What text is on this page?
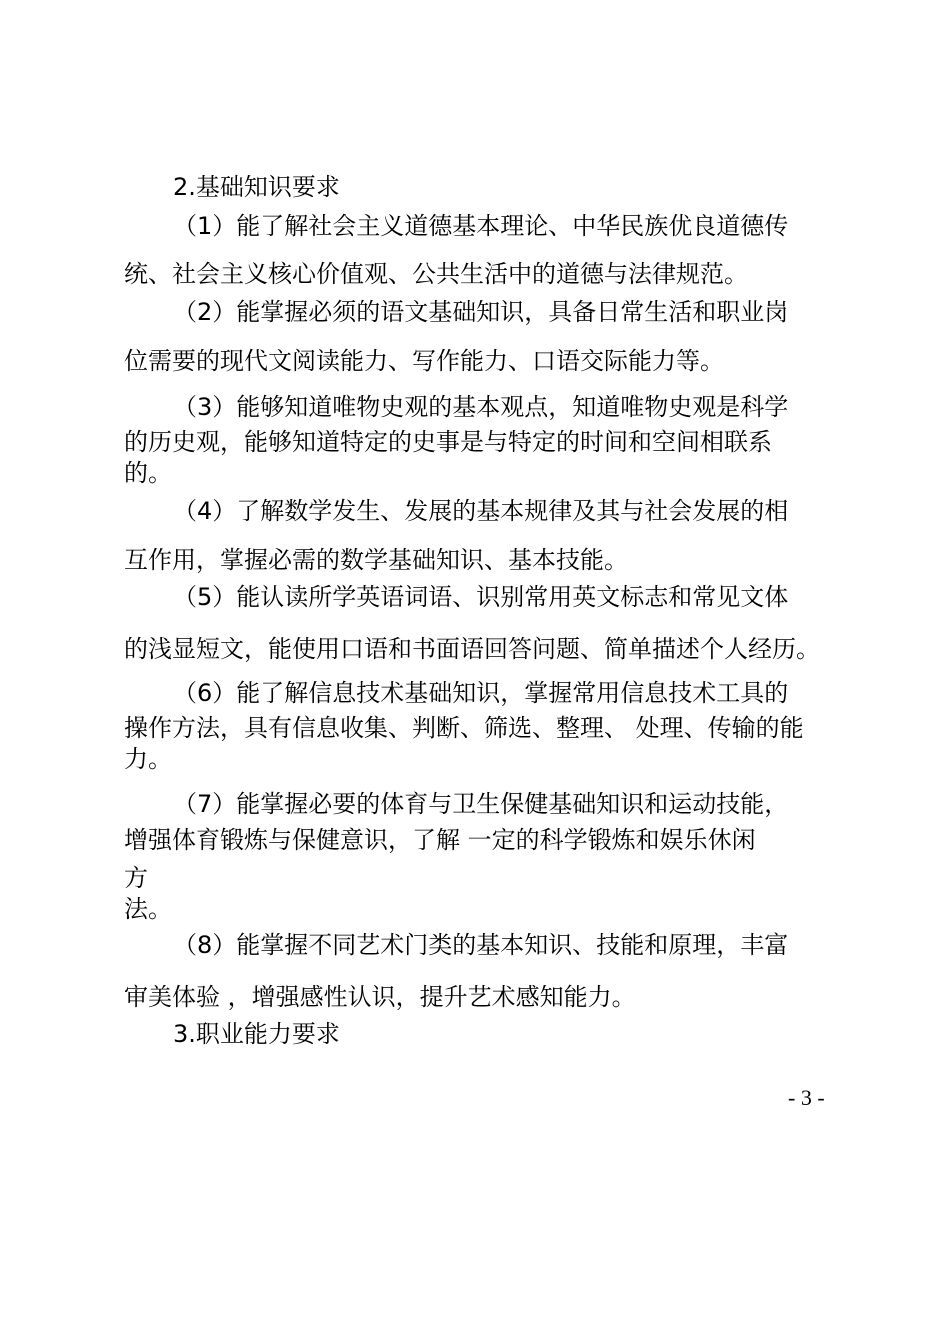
2.基础知识要求

（1）能了解社会主义道德基本理论、中华民族优良道德传

统、社会主义核心价值观、公共生活中的道德与法律规范。

（2）能掌握必须的语文基础知识，具备日常生活和职业岗

位需要的现代文阅读能力、写作能力、口语交际能力等。

（3）能够知道唯物史观的基本观点，知道唯物史观是科学

的历史观，能够知道特定的史事是与特定的时间和空间相联系

的。

（4）了解数学发生、发展的基本规律及其与社会发展的相

互作用，掌握必需的数学基础知识、基本技能。

（5）能认读所学英语词语、识别常用英文标志和常见文体

的浅显短文，能使用口语和书面语回答问题、简单描述个人经历。

（6）能了解信息技术基础知识，掌握常用信息技术工具的

操作方法，具有信息收集、判断、筛选、整理、 处理、传输的能

力。

（7）能掌握必要的体育与卫生保健基础知识和运动技能，

增强体育锻炼与保健意识，了解 一定的科学锻炼和娱乐休闲

方

法。

（8）能掌握不同艺术门类的基本知识、技能和原理，丰富

审美体验 ，增强感性认识，提升艺术感知能力。

3.职业能力要求

- 3 -
